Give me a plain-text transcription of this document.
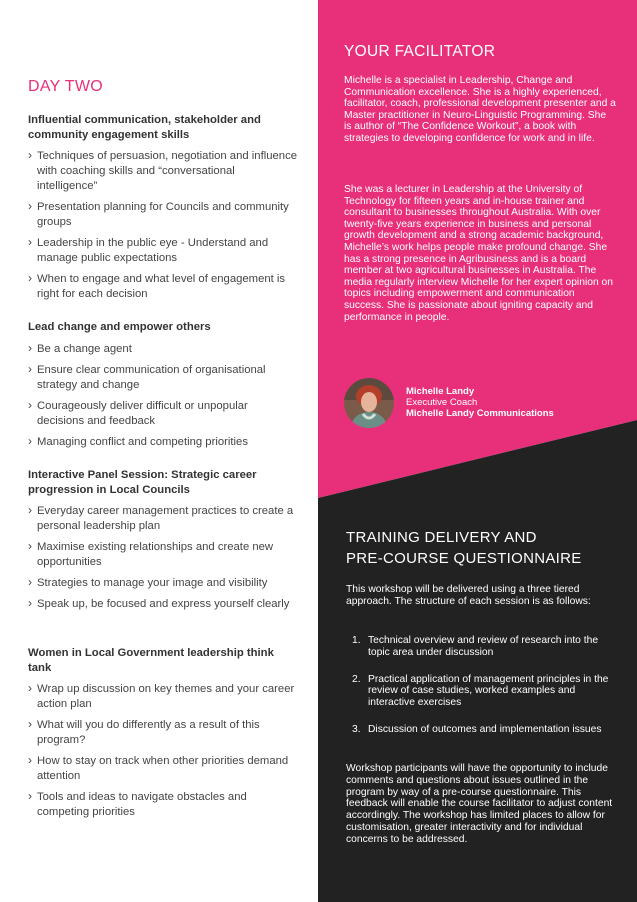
DAY TWO
Influential communication, stakeholder and community engagement skills
› Techniques of persuasion, negotiation and influence with coaching skills and “conversational intelligence”
› Presentation planning for Councils and community groups
› Leadership in the public eye - Understand and manage public expectations
› When to engage and what level of engagement is right for each decision
Lead change and empower others
› Be a change agent
› Ensure clear communication of organisational strategy and change
› Courageously deliver difficult or unpopular decisions and feedback
› Managing conflict and competing priorities
Interactive Panel Session: Strategic career progression in Local Councils
› Everyday career management practices to create a personal leadership plan
› Maximise existing relationships and create new opportunities
› Strategies to manage your image and visibility
› Speak up, be focused and express yourself clearly
Women in Local Government leadership think tank
› Wrap up discussion on key themes and your career action plan
› What will you do differently as a result of this program?
› How to stay on track when other priorities demand attention
› Tools and ideas to navigate obstacles and competing priorities
YOUR FACILITATOR

Michelle is a specialist in Leadership, Change and Communication excellence. She is a highly experienced, facilitator, coach, professional development presenter and a Master practitioner in Neuro-Linguistic Programming. She is author of “The Confidence Workout”, a book with strategies to developing confidence for work and in life.

She was a lecturer in Leadership at the University of Technology for fifteen years and in-house trainer and consultant to businesses throughout Australia. With over twenty-five years experience in business and personal growth development and a strong academic background, Michelle’s work helps people make profound change. She has a strong presence in Agribusiness and is a board member at two agricultural businesses in Australia. The media regularly interview Michelle for her expert opinion on topics including empowerment and communication success. She is passionate about igniting capacity and performance in people.

Michelle Landy
Executive Coach
Michelle Landy Communications
TRAINING DELIVERY AND
PRE-COURSE QUESTIONNAIRE

This workshop will be delivered using a three tiered approach. The structure of each session is as follows:

1. Technical overview and review of research into the topic area under discussion
2. Practical application of management principles in the review of case studies, worked examples and interactive exercises
3. Discussion of outcomes and implementation issues

Workshop participants will have the opportunity to include comments and questions about issues outlined in the program by way of a pre-course questionnaire. This feedback will enable the course facilitator to adjust content accordingly. The workshop has limited places to allow for customisation, greater interactivity and for individual concerns to be addressed.
